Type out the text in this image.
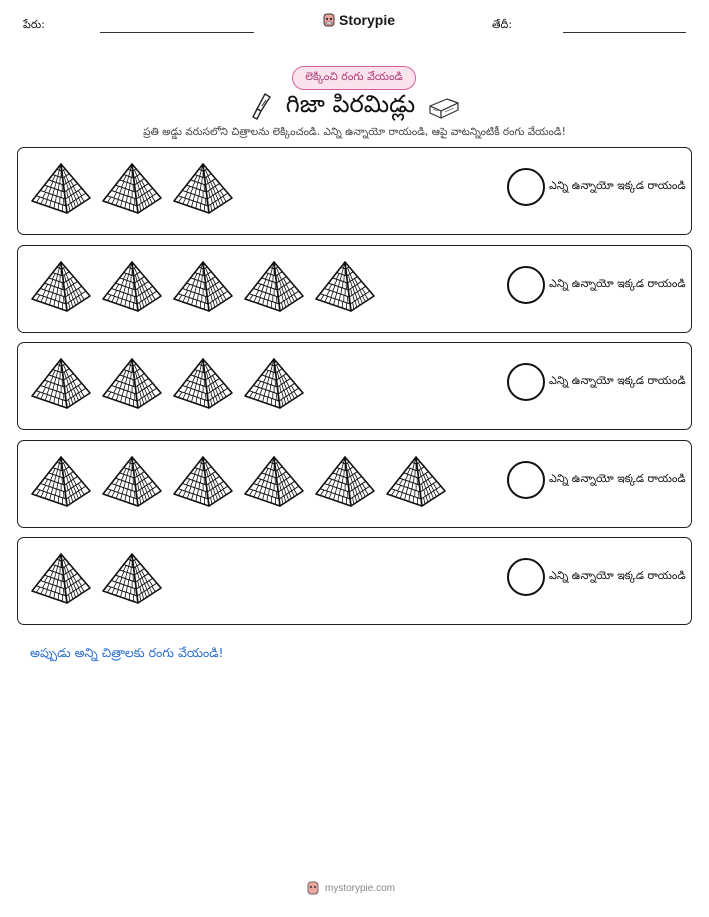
పేరు:	Storypie	తేదీ:
లెక్కించి రంగు వేయండి
గిజా పిరమిడ్లు
ప్రతి అడ్డు వరుసలోని చిత్రాలను లెక్కించండి. ఎన్ని ఉన్నాయో రాయండి, ఆపై వాటన్నింటికీ రంగు వేయండి!
ఎన్ని ఉన్నాయో ఇక్కడ రాయండి
ఎన్ని ఉన్నాయో ఇక్కడ రాయండి
ఎన్ని ఉన్నాయో ఇక్కడ రాయండి
ఎన్ని ఉన్నాయో ఇక్కడ రాయండి
ఎన్ని ఉన్నాయో ఇక్కడ రాయండి
అప్పుడు అన్ని చిత్రాలకు రంగు వేయండి!
mystorypie.com
